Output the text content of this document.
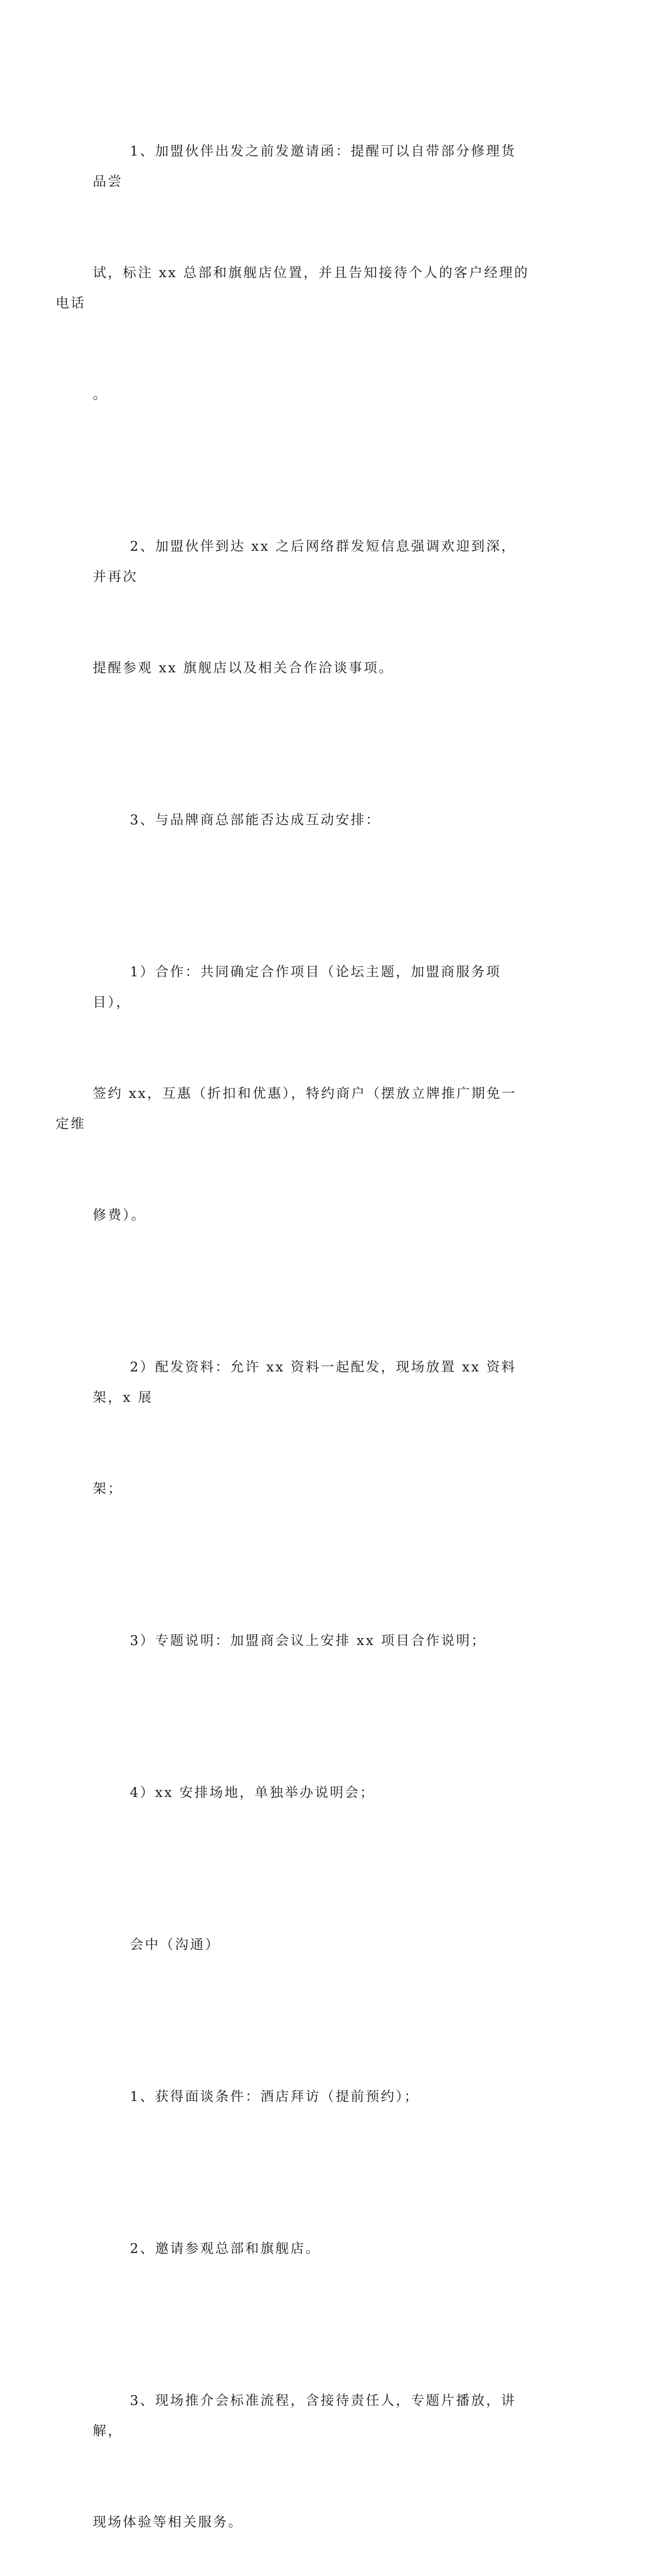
1、加盟伙伴出发之前发邀请函：提醒可以自带部分修理货品尝

试，标注 xx 总部和旗舰店位置，并且告知接待个人的客户经理的电话

。

2、加盟伙伴到达 xx 之后网络群发短信息强调欢迎到深，并再次

提醒参观 xx 旗舰店以及相关合作洽谈事项。

3、与品牌商总部能否达成互动安排：

1）合作：共同确定合作项目（论坛主题，加盟商服务项目），

签约 xx，互惠（折扣和优惠），特约商户（摆放立牌推广期免一定维

修费）。

2）配发资料：允许 xx 资料一起配发，现场放置 xx 资料架，x 展

架；

3）专题说明：加盟商会议上安排 xx 项目合作说明；

4）xx 安排场地，单独举办说明会；

会中（沟通）

1、获得面谈条件：酒店拜访（提前预约）；

2、邀请参观总部和旗舰店。

3、现场推介会标准流程，含接待责任人，专题片播放，讲解，

现场体验等相关服务。
